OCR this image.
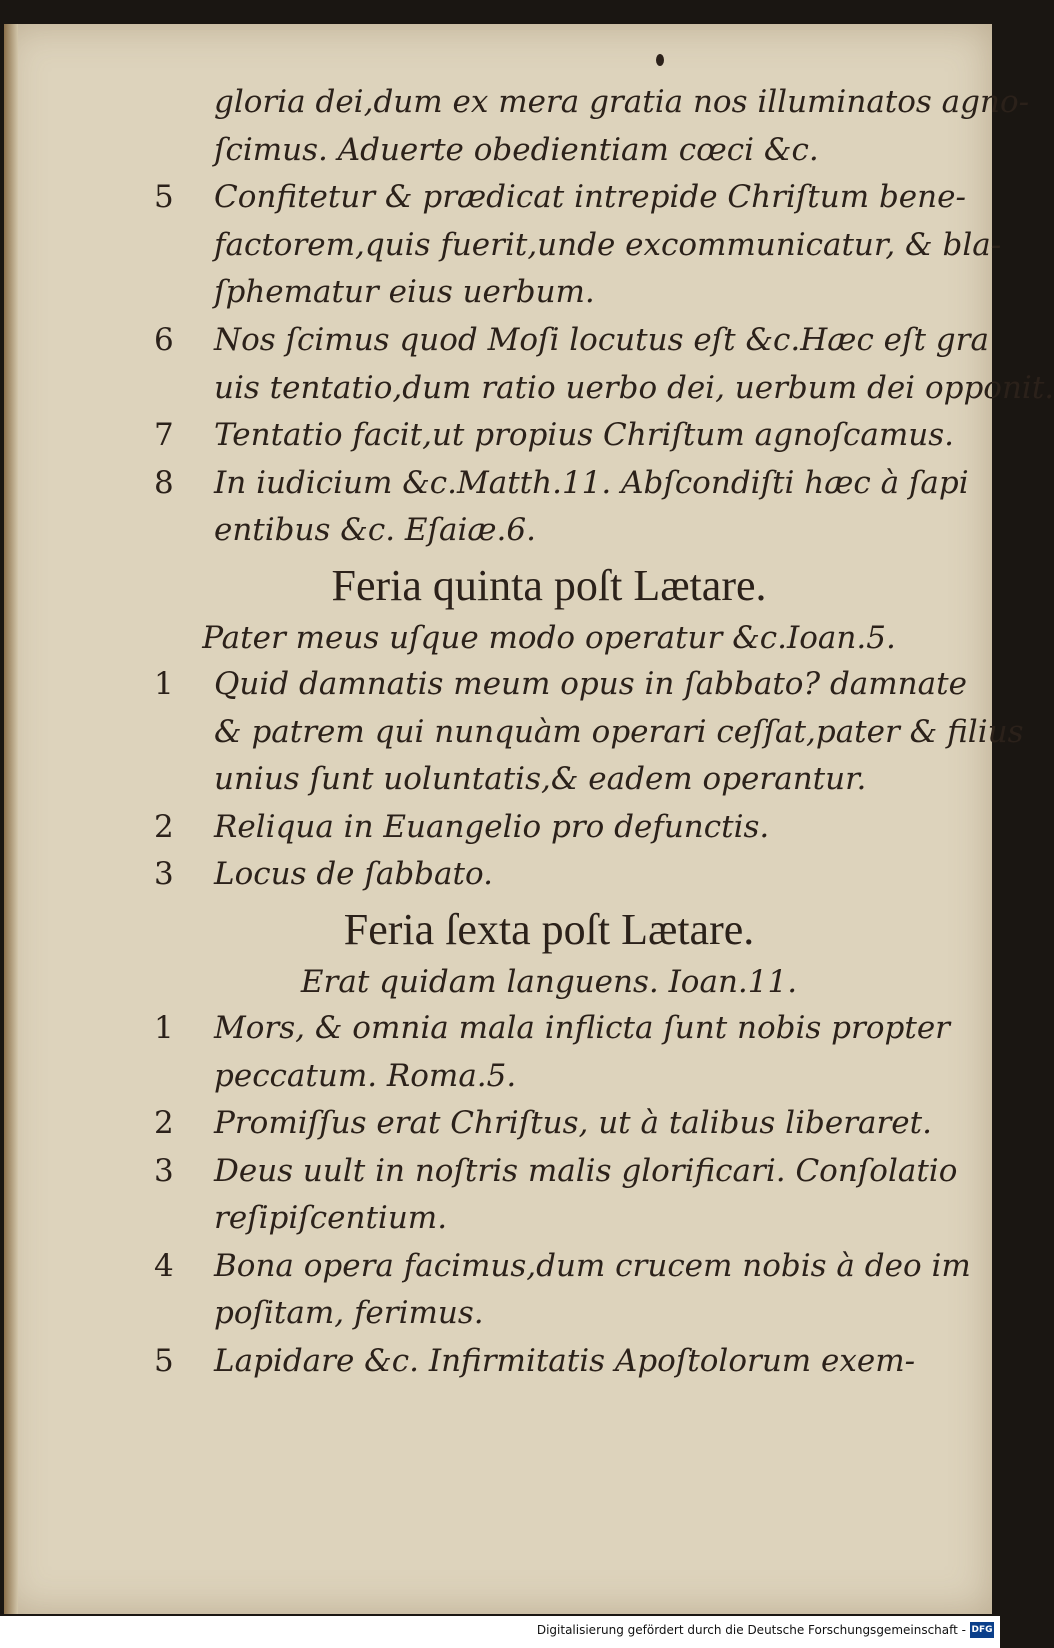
gloria dei,dum ex mera gratia nos illuminatos agno-
ſcimus. Aduerte obedientiam cœci &c.
5 Confitetur & prædicat intrepide Chriſtum bene-
factorem,quis fuerit,unde excommunicatur, & bla-
ſphematur eius uerbum.
6 Nos ſcimus quod Moſi locutus eſt &c.Hæc eſt gra
uis tentatio,dum ratio uerbo dei, uerbum dei opponit.
7 Tentatio facit,ut propius Chriſtum agnoſcamus.
8 In iudicium &c.Matth.11. Abſcondiſti hæc à ſapi
entibus &c. Eſaiæ.6.
Feria quinta poſt Lætare.
Pater meus uſque modo operatur &c.Ioan.5.
1 Quid damnatis meum opus in ſabbato? damnate
& patrem qui nunquàm operari ceſſat,pater & filius
unius ſunt uoluntatis,& eadem operantur.
2 Reliqua in Euangelio pro defunctis.
3 Locus de ſabbato.
Feria ſexta poſt Lætare.
Erat quidam languens. Ioan.11.
1 Mors, & omnia mala inflicta ſunt nobis propter
peccatum. Roma.5.
2 Promiſſus erat Chriſtus, ut à talibus liberaret.
3 Deus uult in noſtris malis glorificari. Conſolatio
reſipiſcentium.
4 Bona opera facimus,dum crucem nobis à deo im
poſitam, ferimus.
5 Lapidare &c. Infirmitatis Apoſtolorum exem-
Digitalisierung gefördert durch die Deutsche Forschungsgemeinschaft - DFG
